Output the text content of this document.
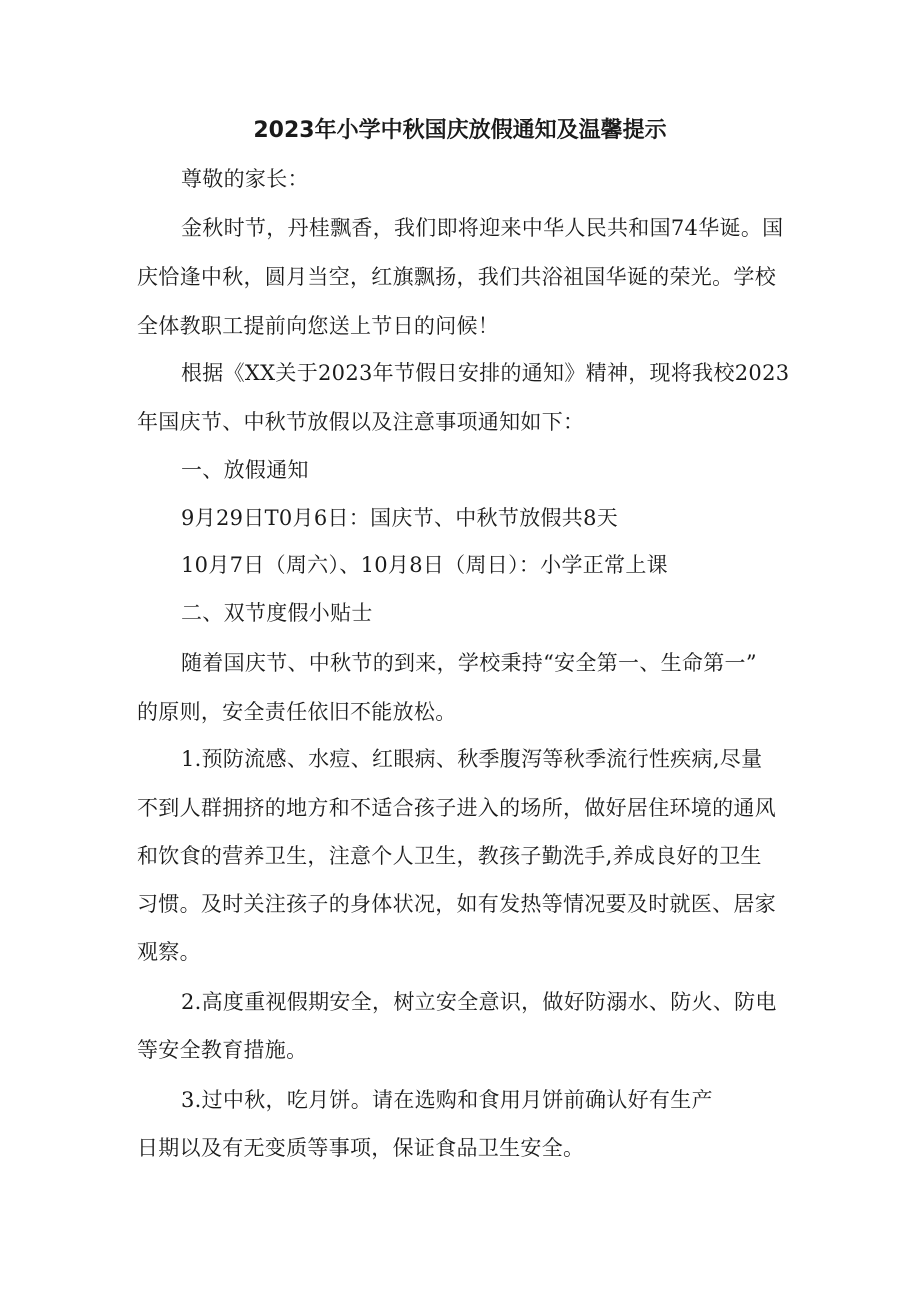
2023年小学中秋国庆放假通知及温馨提示
尊敬的家长：
金秋时节，丹桂飘香，我们即将迎来中华人民共和国74华诞。国
庆恰逢中秋，圆月当空，红旗飘扬，我们共浴祖国华诞的荣光。学校
全体教职工提前向您送上节日的问候！
根据《XX关于2023年节假日安排的通知》精神，现将我校2023
年国庆节、中秋节放假以及注意事项通知如下：
一、放假通知
9月29日T0月6日：国庆节、中秋节放假共8天
10月7日（周六）、10月8日（周日）：小学正常上课
二、双节度假小贴士
随着国庆节、中秋节的到来，学校秉持“安全第一、生命第一”
的原则，安全责任依旧不能放松。
1.预防流感、水痘、红眼病、秋季腹泻等秋季流行性疾病,尽量
不到人群拥挤的地方和不适合孩子进入的场所，做好居住环境的通风
和饮食的营养卫生，注意个人卫生，教孩子勤洗手,养成良好的卫生
习惯。及时关注孩子的身体状况，如有发热等情况要及时就医、居家
观察。
2.高度重视假期安全，树立安全意识，做好防溺水、防火、防电
等安全教育措施。
3.过中秋，吃月饼。请在选购和食用月饼前确认好有生产
日期以及有无变质等事项，保证食品卫生安全。
